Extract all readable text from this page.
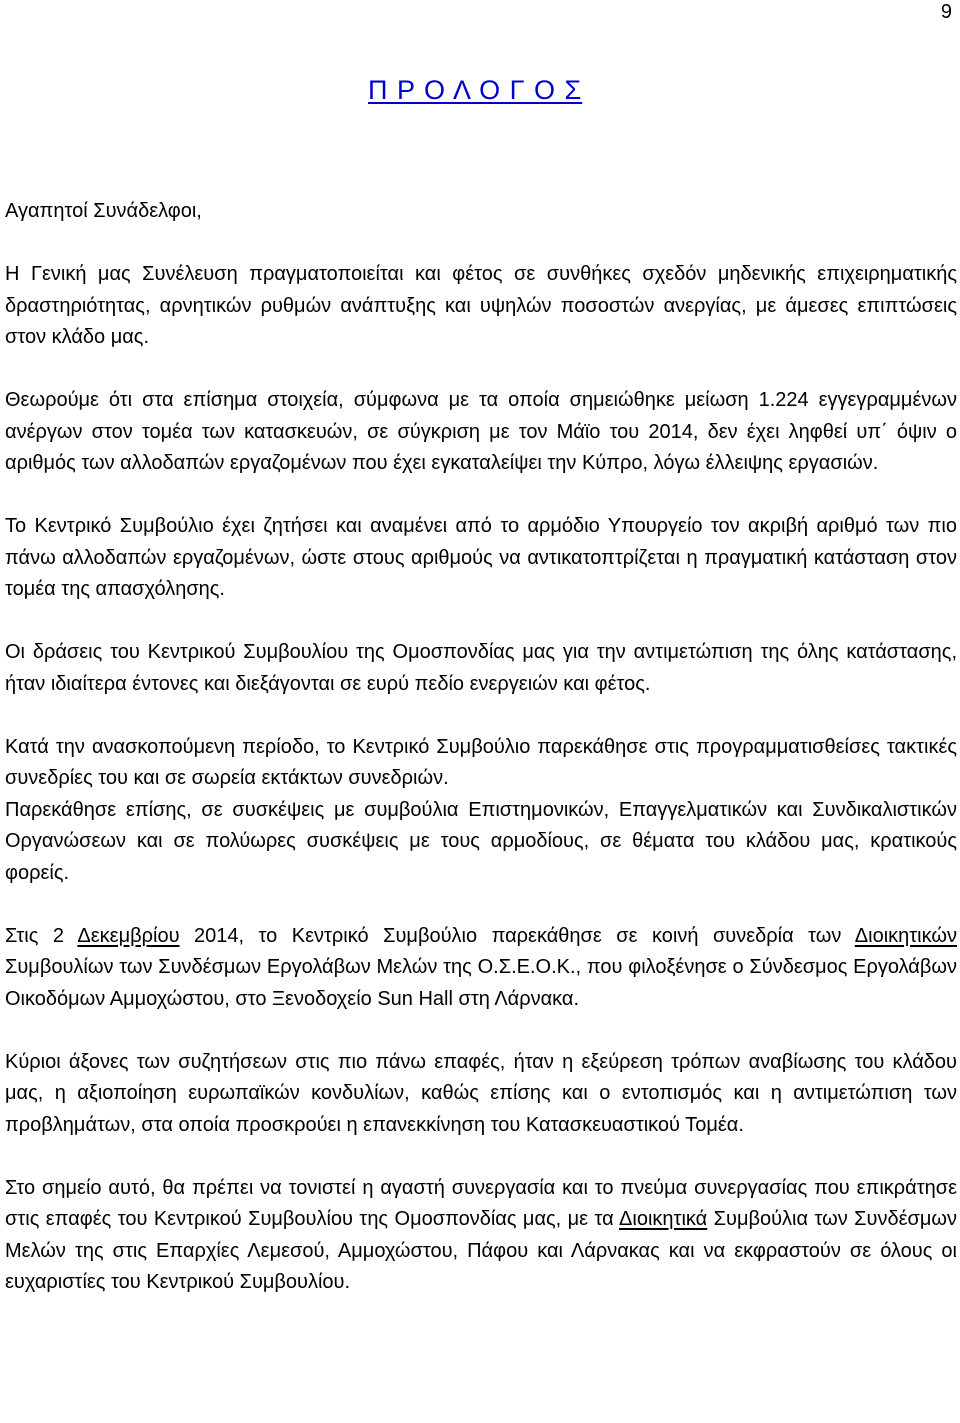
9
Π Ρ Ο Λ Ο Γ Ο Σ
Αγαπητοί Συνάδελφοι,

Η Γενική μας Συνέλευση πραγματοποιείται και φέτος σε συνθήκες σχεδόν μηδενικής επιχειρηματικής δραστηριότητας, αρνητικών ρυθμών ανάπτυξης και υψηλών ποσοστών ανεργίας, με άμεσες επιπτώσεις στον κλάδο μας.

Θεωρούμε ότι στα επίσημα στοιχεία, σύμφωνα με τα οποία σημειώθηκε μείωση 1.224 εγγεγραμμένων ανέργων στον τομέα των κατασκευών, σε σύγκριση με τον Μάϊο του 2014, δεν έχει ληφθεί υπ΄ όψιν ο αριθμός των αλλοδαπών εργαζομένων που έχει εγκαταλείψει την Κύπρο, λόγω έλλειψης εργασιών.

Το Κεντρικό Συμβούλιο έχει ζητήσει και αναμένει από το αρμόδιο Υπουργείο τον ακριβή αριθμό των πιο πάνω αλλοδαπών εργαζομένων, ώστε στους αριθμούς να αντικατοπτρίζεται η πραγματική κατάσταση στον τομέα της απασχόλησης.

Οι δράσεις του Κεντρικού Συμβουλίου της Ομοσπονδίας μας για την αντιμετώπιση της όλης κατάστασης, ήταν ιδιαίτερα έντονες και διεξάγονται σε ευρύ πεδίο ενεργειών και φέτος.

Κατά την ανασκοπούμενη περίοδο, το Κεντρικό Συμβούλιο παρεκάθησε στις προγραμματισθείσες τακτικές συνεδρίες του και σε σωρεία εκτάκτων συνεδριών.

Παρεκάθησε επίσης, σε συσκέψεις με συμβούλια Επιστημονικών, Επαγγελματικών και Συνδικαλιστικών Οργανώσεων και σε πολύωρες συσκέψεις με τους αρμοδίους, σε θέματα του κλάδου μας, κρατικούς φορείς.

Στις 2 Δεκεμβρίου 2014, το Κεντρικό Συμβούλιο παρεκάθησε σε κοινή συνεδρία των Διοικητικών Συμβουλίων των Συνδέσμων Εργολάβων Μελών της Ο.Σ.Ε.Ο.Κ., που φιλοξένησε ο Σύνδεσμος Εργολάβων Οικοδόμων Αμμοχώστου, στο Ξενοδοχείο Sun Hall στη Λάρνακα.

Κύριοι άξονες των συζητήσεων στις πιο πάνω επαφές, ήταν η εξεύρεση τρόπων αναβίωσης του κλάδου μας, η αξιοποίηση ευρωπαϊκών κονδυλίων, καθώς επίσης και ο εντοπισμός και η αντιμετώπιση των προβλημάτων, στα οποία προσκρούει η επανεκκίνηση του Κατασκευαστικού Τομέα.

Στο σημείο αυτό, θα πρέπει να τονιστεί η αγαστή συνεργασία και το πνεύμα συνεργασίας που επικράτησε στις επαφές του Κεντρικού Συμβουλίου της Ομοσπονδίας μας, με τα Διοικητικά Συμβούλια των Συνδέσμων Μελών της στις Επαρχίες Λεμεσού, Αμμοχώστου, Πάφου και Λάρνακας και να εκφραστούν σε όλους οι ευχαριστίες του Κεντρικού Συμβουλίου.
